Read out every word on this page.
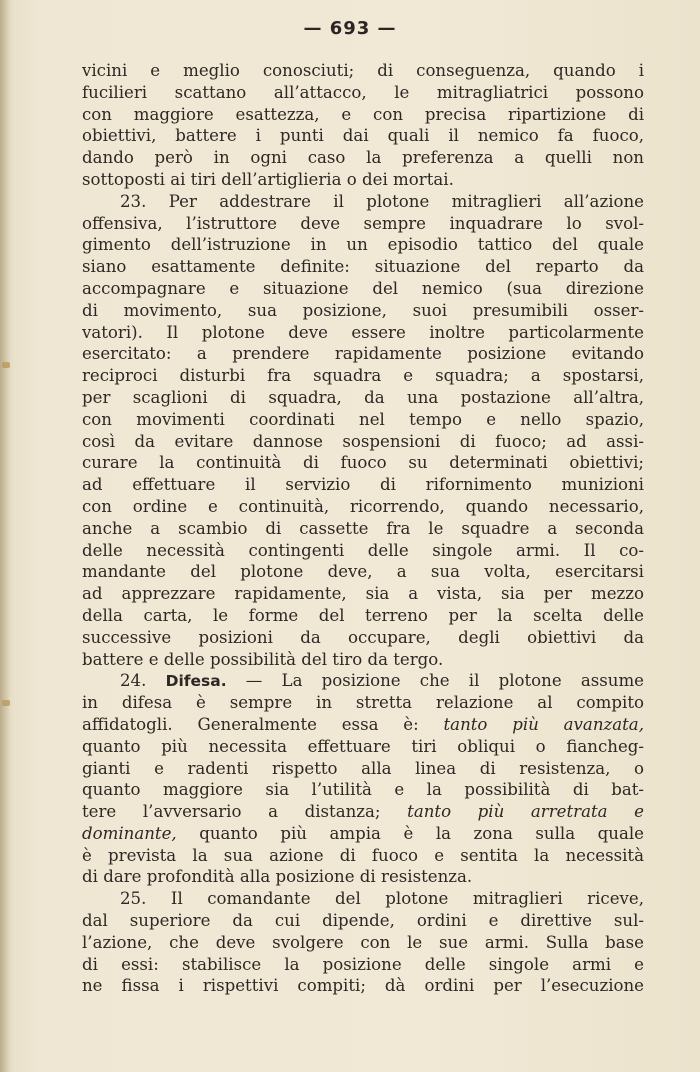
— 693 —
vicini e meglio conosciuti; di conseguenza, quando i
fucilieri scattano all’attacco, le mitragliatrici possono
con maggiore esattezza, e con precisa ripartizione di
obiettivi, battere i punti dai quali il nemico fa fuoco,
dando però in ogni caso la preferenza a quelli non
sottoposti ai tiri dell’artiglieria o dei mortai.
23. Per addestrare il plotone mitraglieri all’azione
offensiva, l’istruttore deve sempre inquadrare lo svol-
gimento dell’istruzione in un episodio tattico del quale
siano esattamente definite: situazione del reparto da
accompagnare e situazione del nemico (sua direzione
di movimento, sua posizione, suoi presumibili osser-
vatori). Il plotone deve essere inoltre particolarmente
esercitato: a prendere rapidamente posizione evitando
reciproci disturbi fra squadra e squadra; a spostarsi,
per scaglioni di squadra, da una postazione all’altra,
con movimenti coordinati nel tempo e nello spazio,
così da evitare dannose sospensioni di fuoco; ad assi-
curare la continuità di fuoco su determinati obiettivi;
ad effettuare il servizio di rifornimento munizioni
con ordine e continuità, ricorrendo, quando necessario,
anche a scambio di cassette fra le squadre a seconda
delle necessità contingenti delle singole armi. Il co-
mandante del plotone deve, a sua volta, esercitarsi
ad apprezzare rapidamente, sia a vista, sia per mezzo
della carta, le forme del terreno per la scelta delle
successive posizioni da occupare, degli obiettivi da
battere e delle possibilità del tiro da tergo.
24. Difesa. — La posizione che il plotone assume
in difesa è sempre in stretta relazione al compito
affidatogli. Generalmente essa è: tanto più avanzata,
quanto più necessita effettuare tiri obliqui o fiancheg-
gianti e radenti rispetto alla linea di resistenza, o
quanto maggiore sia l’utilità e la possibilità di bat-
tere l’avversario a distanza; tanto più arretrata e
dominante, quanto più ampia è la zona sulla quale
è prevista la sua azione di fuoco e sentita la necessità
di dare profondità alla posizione di resistenza.
25. Il comandante del plotone mitraglieri riceve,
dal superiore da cui dipende, ordini e direttive sul-
l’azione, che deve svolgere con le sue armi. Sulla base
di essi: stabilisce la posizione delle singole armi e
ne fissa i rispettivi compiti; dà ordini per l’esecuzione
